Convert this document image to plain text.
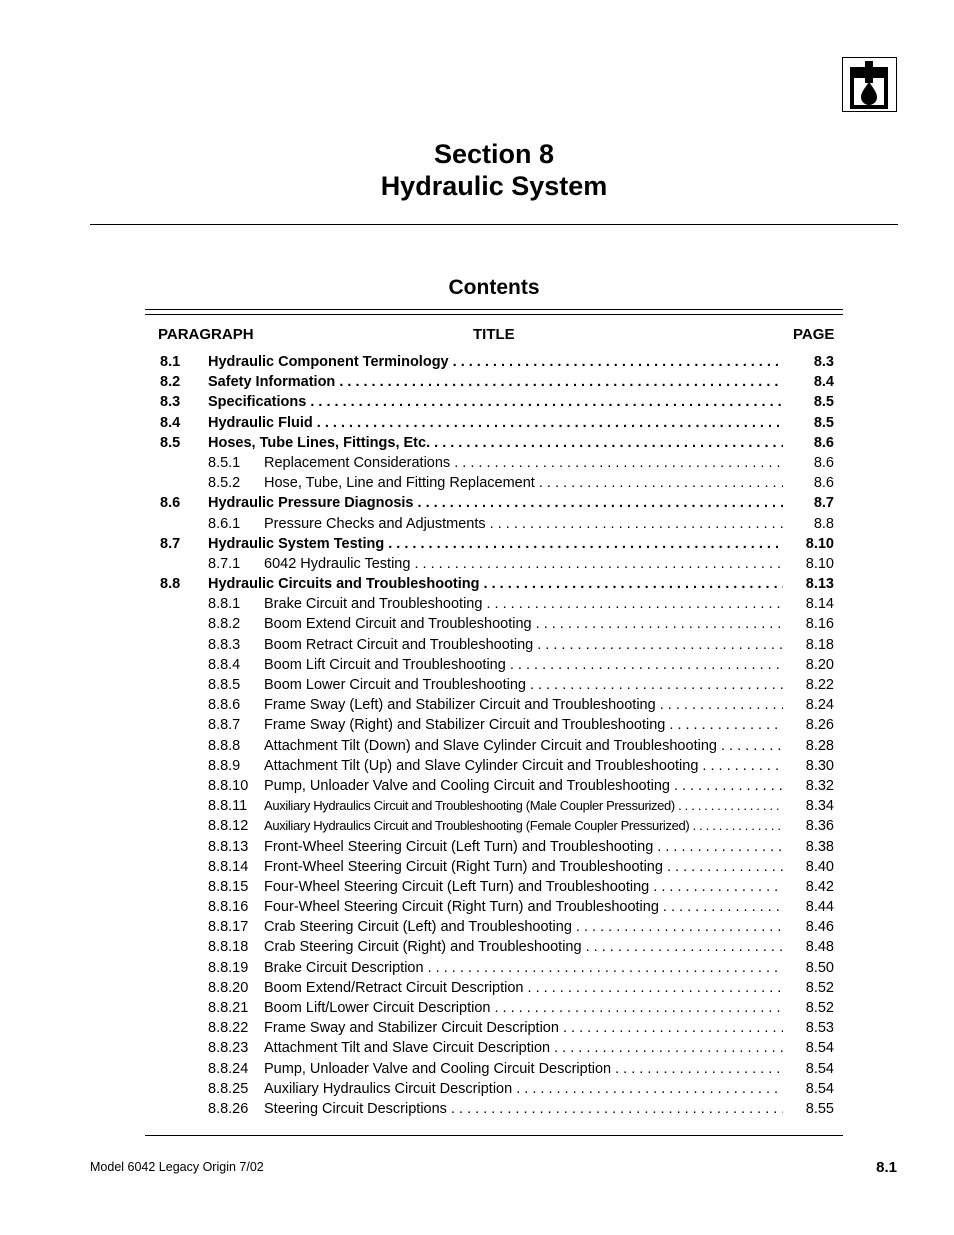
Section 8
Hydraulic System
Contents
PARAGRAPH	TITLE	PAGE
8.1 Hydraulic Component Terminology . . .	8.3
8.2 Safety Information . . .	8.4
8.3 Specifications . . .	8.5
8.4 Hydraulic Fluid . . .	8.5
8.5 Hoses, Tube Lines, Fittings, Etc. . . .	8.6
8.5.1 Replacement Considerations . . .	8.6
8.5.2 Hose, Tube, Line and Fitting Replacement . . .	8.6
8.6 Hydraulic Pressure Diagnosis . . .	8.7
8.6.1 Pressure Checks and Adjustments . . .	8.8
8.7 Hydraulic System Testing . . .	8.10
8.7.1 6042 Hydraulic Testing . . .	8.10
8.8 Hydraulic Circuits and Troubleshooting . . .	8.13
8.8.1 Brake Circuit and Troubleshooting . . .	8.14
8.8.2 Boom Extend Circuit and Troubleshooting . . .	8.16
8.8.3 Boom Retract Circuit and Troubleshooting . . .	8.18
8.8.4 Boom Lift Circuit and Troubleshooting . . .	8.20
8.8.5 Boom Lower Circuit and Troubleshooting . . .	8.22
8.8.6 Frame Sway (Left) and Stabilizer Circuit and Troubleshooting . . .	8.24
8.8.7 Frame Sway (Right) and Stabilizer Circuit and Troubleshooting . . .	8.26
8.8.8 Attachment Tilt (Down) and Slave Cylinder Circuit and Troubleshooting . . .	8.28
8.8.9 Attachment Tilt (Up) and Slave Cylinder Circuit and Troubleshooting . . .	8.30
8.8.10 Pump, Unloader Valve and Cooling Circuit and Troubleshooting . . .	8.32
8.8.11 Auxiliary Hydraulics Circuit and Troubleshooting (Male Coupler Pressurized) . . .	8.34
8.8.12 Auxiliary Hydraulics Circuit and Troubleshooting (Female Coupler Pressurized) . . .	8.36
8.8.13 Front-Wheel Steering Circuit (Left Turn) and Troubleshooting . . .	8.38
8.8.14 Front-Wheel Steering Circuit (Right Turn) and Troubleshooting . . .	8.40
8.8.15 Four-Wheel Steering Circuit (Left Turn) and Troubleshooting . . .	8.42
8.8.16 Four-Wheel Steering Circuit (Right Turn) and Troubleshooting . . .	8.44
8.8.17 Crab Steering Circuit (Left) and Troubleshooting . . .	8.46
8.8.18 Crab Steering Circuit (Right) and Troubleshooting . . .	8.48
8.8.19 Brake Circuit Description . . .	8.50
8.8.20 Boom Extend/Retract Circuit Description . . .	8.52
8.8.21 Boom Lift/Lower Circuit Description . . .	8.52
8.8.22 Frame Sway and Stabilizer Circuit Description . . .	8.53
8.8.23 Attachment Tilt and Slave Circuit Description . . .	8.54
8.8.24 Pump, Unloader Valve and Cooling Circuit Description . . .	8.54
8.8.25 Auxiliary Hydraulics Circuit Description . . .	8.54
8.8.26 Steering Circuit Descriptions . . .	8.55
Model 6042 Legacy Origin 7/02	8.1
